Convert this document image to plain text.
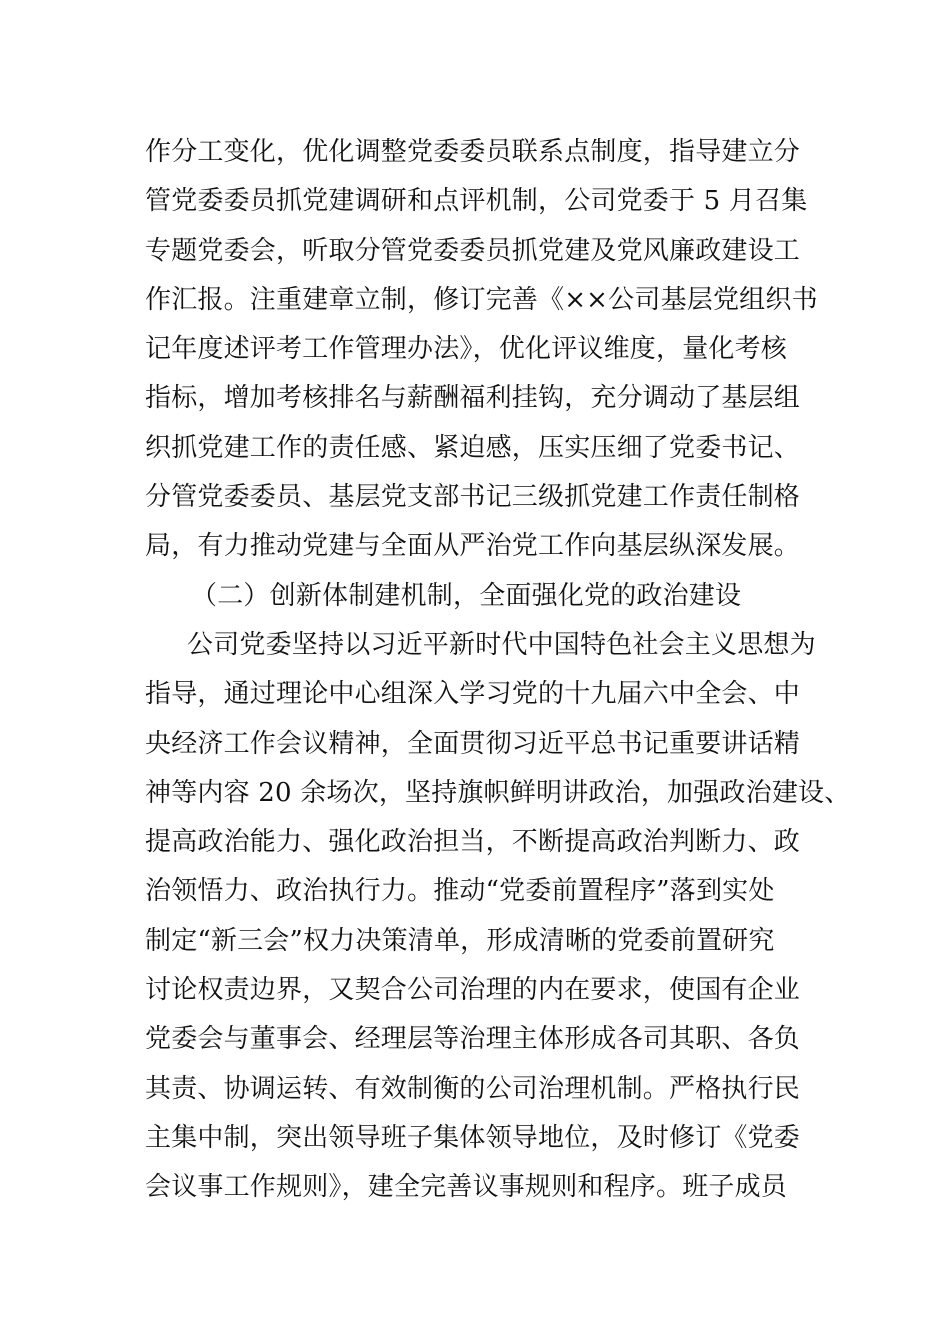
作分工变化，优化调整党委委员联系点制度，指导建立分
管党委委员抓党建调研和点评机制，公司党委于 5 月召集
专题党委会，听取分管党委委员抓党建及党风廉政建设工
作汇报。注重建章立制，修订完善《××公司基层党组织书
记年度述评考工作管理办法》，优化评议维度，量化考核
指标，增加考核排名与薪酬福利挂钩，充分调动了基层组
织抓党建工作的责任感、紧迫感，压实压细了党委书记、
分管党委委员、基层党支部书记三级抓党建工作责任制格
局，有力推动党建与全面从严治党工作向基层纵深发展。
（二）创新体制建机制，全面强化党的政治建设
公司党委坚持以习近平新时代中国特色社会主义思想为
指导，通过理论中心组深入学习党的十九届六中全会、中
央经济工作会议精神，全面贯彻习近平总书记重要讲话精
神等内容 20 余场次，坚持旗帜鲜明讲政治，加强政治建设、
提高政治能力、强化政治担当，不断提高政治判断力、政
治领悟力、政治执行力。推动“党委前置程序”落到实处
制定“新三会”权力决策清单，形成清晰的党委前置研究
讨论权责边界，又契合公司治理的内在要求，使国有企业
党委会与董事会、经理层等治理主体形成各司其职、各负
其责、协调运转、有效制衡的公司治理机制。严格执行民
主集中制，突出领导班子集体领导地位，及时修订《党委
会议事工作规则》，建全完善议事规则和程序。班子成员
